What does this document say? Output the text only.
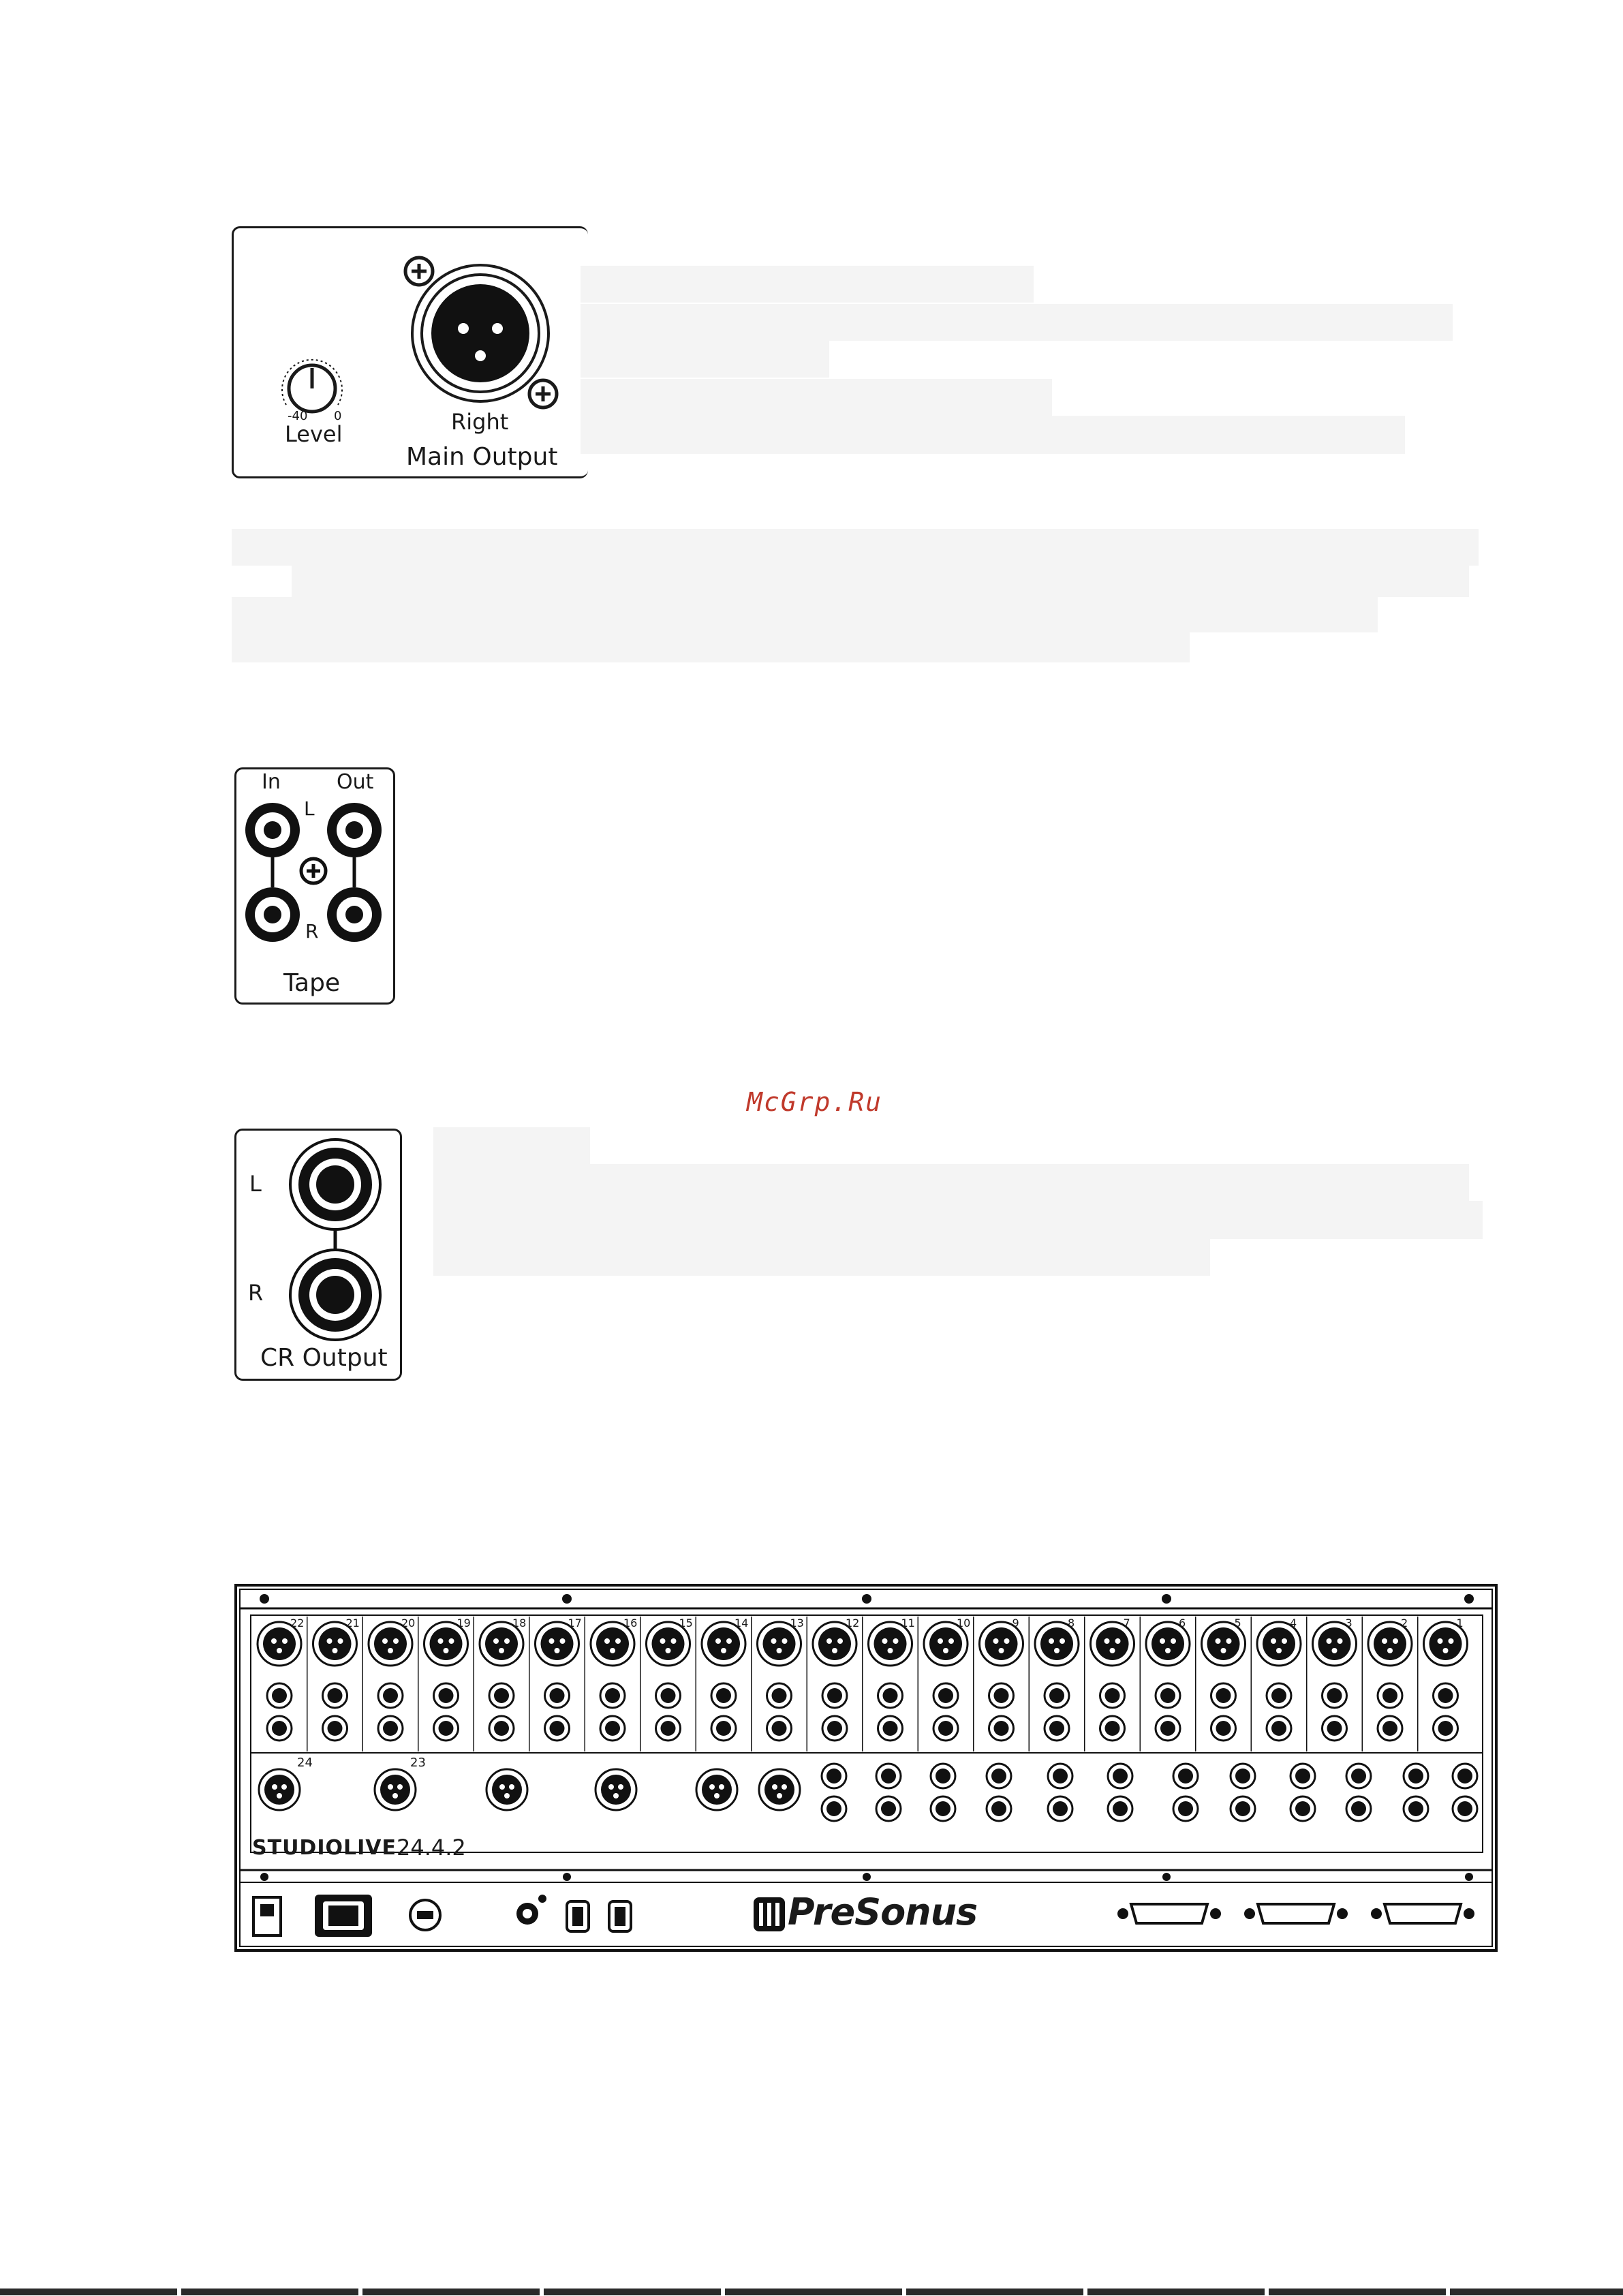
McGrp.Ru
-40 0
Level	Right
Main Output
In	Out
L
R
Tape
L
R
CR Output
STUDIOLIVE 24.4.2
PreSonus
24	23
22	21	20	19	18	17	16	15	14	13	12	11	10	9	8	7	6	5	4	3	2	1
